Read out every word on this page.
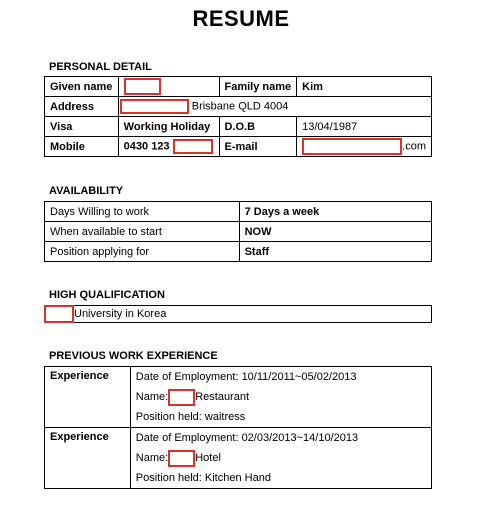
RESUME
PERSONAL DETAIL
Given name		Family name	Kim
Address	Brisbane QLD 4004		
Visa	Working Holiday	D.O.B	13/04/1987
Mobile	0430 123	E-mail	.com
AVAILABILITY
Days Willing to work	7 Days a week
When available to start	NOW
Position applying for	Staff
HIGH QUALIFICATION
University in Korea
PREVIOUS WORK EXPERIENCE
Experience	Date of Employment: 10/11/2011~05/02/2013
Name: Restaurant
Position held: waitress

Experience	Date of Employment: 02/03/2013~14/10/2013
Name: Hotel
Position held: Kitchen Hand
